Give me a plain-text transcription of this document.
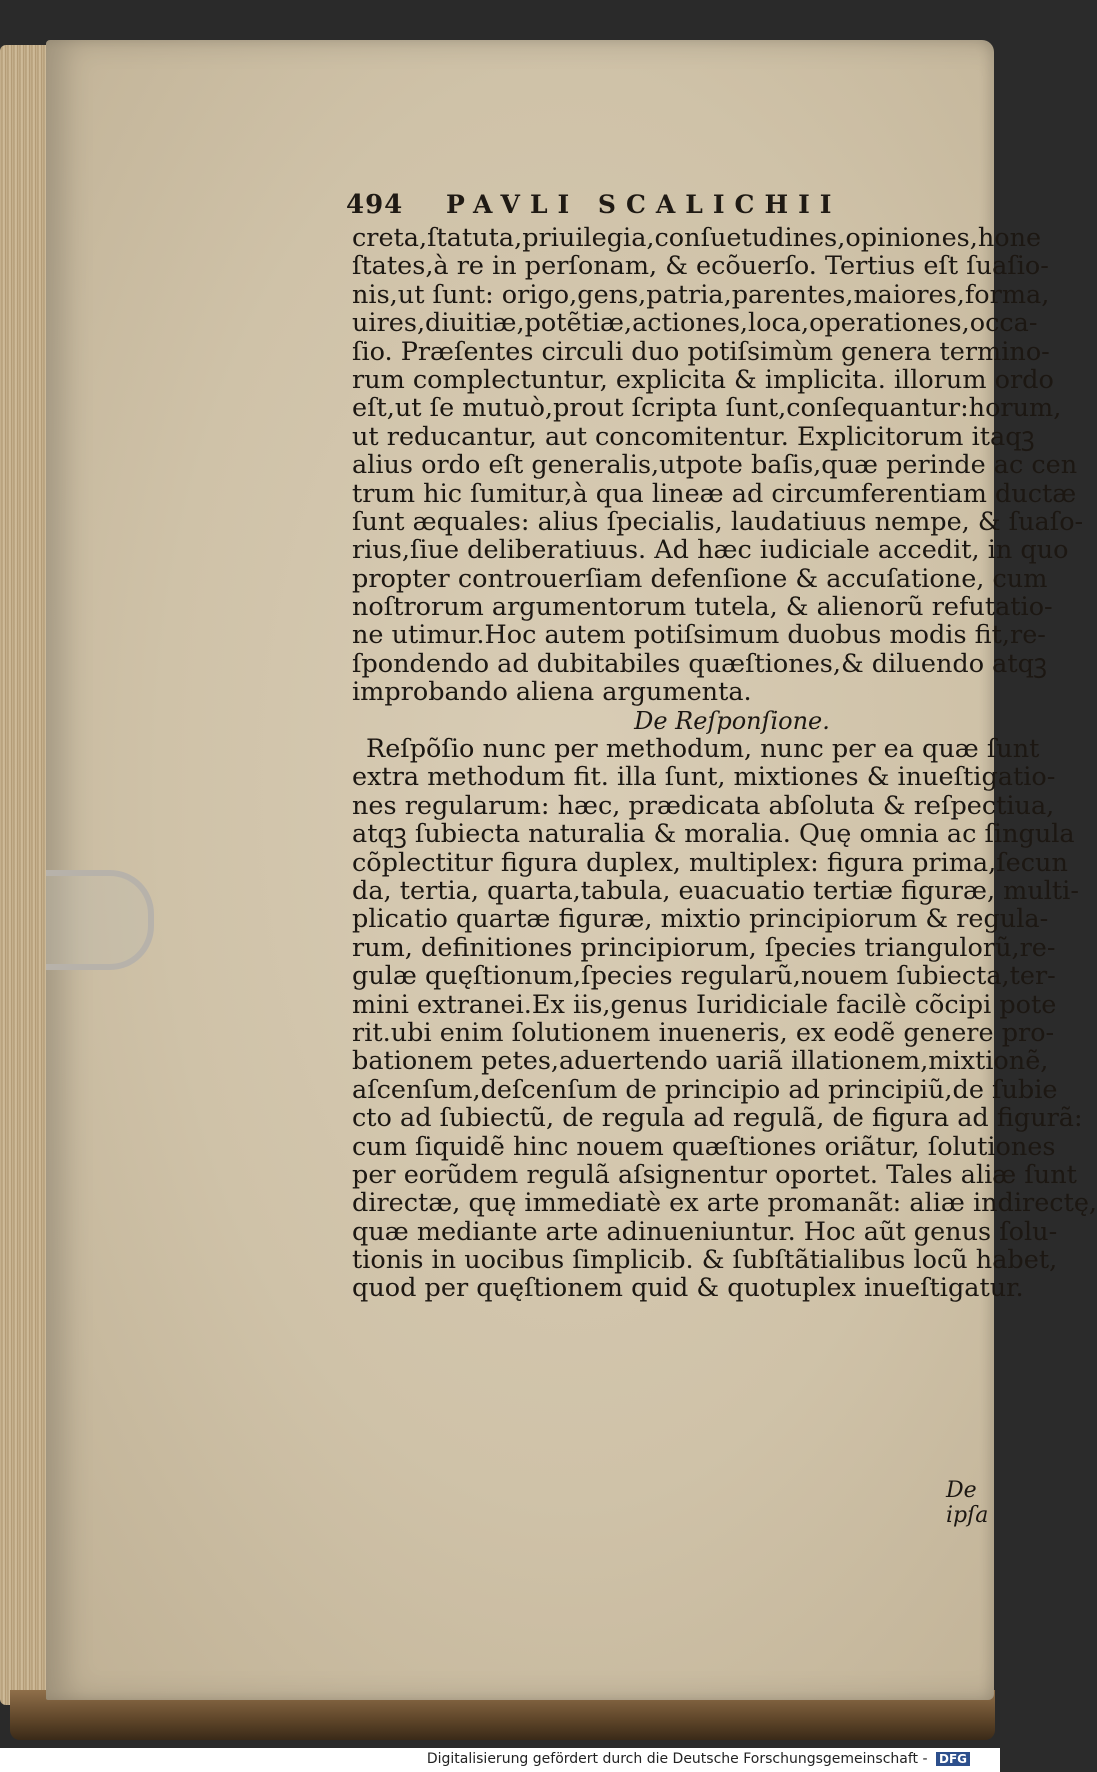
494 PAVLI SCALICHII
creta,ſtatuta,priuilegia,conſuetudines,opiniones,hone
ſtates,à re in perſonam, & ecõuerſo. Tertius eſt ſuaſio-
nis,ut ſunt: origo,gens,patria,parentes,maiores,forma,
uires,diuitiæ,potẽtiæ,actiones,loca,operationes,occa-
ſio. Præſentes circuli duo potiſsimùm genera termino-
rum complectuntur, explicita & implicita. illorum ordo
eſt,ut ſe mutuò,prout ſcripta ſunt,conſequantur:horum,
ut reducantur, aut concomitentur. Explicitorum itaqꝫ
alius ordo eſt generalis,utpote baſis,quæ perinde ac cen
trum hic ſumitur,à qua lineæ ad circumferentiam ductæ
ſunt æquales: alius ſpecialis, laudatiuus nempe, & ſuaſo-
rius,ſiue deliberatiuus. Ad hæc iudiciale accedit, in quo
propter controuerſiam defenſione & accuſatione, cum
noſtrorum argumentorum tutela, & alienorũ refutatio-
ne utimur.Hoc autem potiſsimum duobus modis fit,re-
ſpondendo ad dubitabiles quæſtiones,& diluendo atqꝫ
improbando aliena argumenta.
De Reſponſione.
Reſpõſio nunc per methodum, nunc per ea quæ ſunt
extra methodum fit. illa ſunt, mixtiones & inueſtigatio-
nes regularum: hæc, prædicata abſoluta & reſpectiua,
atqꝫ ſubiecta naturalia & moralia. Quę omnia ac ſingula
cõplectitur figura duplex, multiplex: figura prima,ſecun
da, tertia, quarta,tabula, euacuatio tertiæ figuræ, multi-
plicatio quartæ figuræ, mixtio principiorum & regula-
rum, definitiones principiorum, ſpecies triangulorũ,re-
gulæ quęſtionum,ſpecies regularũ,nouem ſubiecta,ter-
mini extranei.Ex iis,genus Iuridiciale facilè cõcipi pote
rit.ubi enim ſolutionem inueneris, ex eodẽ genere pro-
bationem petes,aduertendo uariã illationem,mixtionẽ,
aſcenſum,deſcenſum de principio ad principiũ,de ſubie
cto ad ſubiectũ, de regula ad regulã, de figura ad figurã:
cum ſiquidẽ hinc nouem quæſtiones oriãtur, ſolutiones
per eorũdem regulã aſsignentur oportet. Tales aliæ ſunt
directæ, quę immediatè ex arte promanãt: aliæ indirectę,
quæ mediante arte adinueniuntur. Hoc aũt genus ſolu-
tionis in uocibus ſimplicib. & ſubſtãtialibus locũ habet,
quod per quęſtionem quid & quotuplex inueſtigatur.
De ipſa
Digitalisierung gefördert durch die Deutsche Forschungsgemeinschaft - DFG
